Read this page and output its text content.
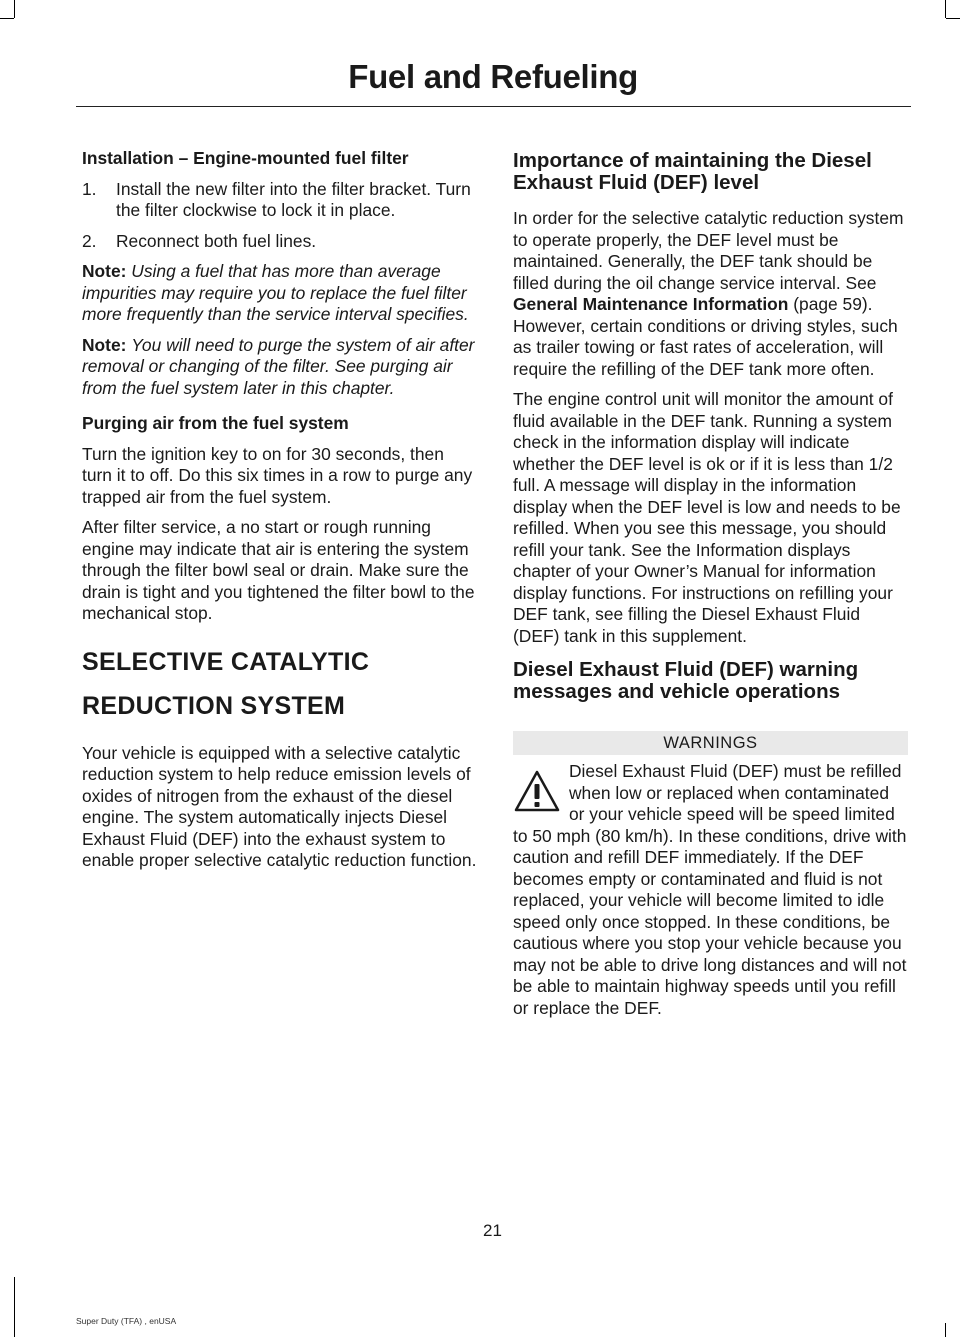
Fuel and Refueling
Installation – Engine-mounted fuel filter
1.	Install the new filter into the filter bracket. Turn the filter clockwise to lock it in place.
2.	Reconnect both fuel lines.

Note: Using a fuel that has more than average impurities may require you to replace the fuel filter more frequently than the service interval specifies.

Note: You will need to purge the system of air after removal or changing of the filter. See purging air from the fuel system later in this chapter.

Purging air from the fuel system

Turn the ignition key to on for 30 seconds, then turn it to off. Do this six times in a row to purge any trapped air from the fuel system.

After filter service, a no start or rough running engine may indicate that air is entering the system through the filter bowl seal or drain. Make sure the drain is tight and you tightened the filter bowl to the mechanical stop.

SELECTIVE CATALYTIC
REDUCTION SYSTEM

Your vehicle is equipped with a selective catalytic reduction system to help reduce emission levels of oxides of nitrogen from the exhaust of the diesel engine. The system automatically injects Diesel Exhaust Fluid (DEF) into the exhaust system to enable proper selective catalytic reduction function.

Importance of maintaining the Diesel Exhaust Fluid (DEF) level

In order for the selective catalytic reduction system to operate properly, the DEF level must be maintained. Generally, the DEF tank should be filled during the oil change service interval. See General Maintenance Information (page 59). However, certain conditions or driving styles, such as trailer towing or fast rates of acceleration, will require the refilling of the DEF tank more often.

The engine control unit will monitor the amount of fluid available in the DEF tank. Running a system check in the information display will indicate whether the DEF level is ok or if it is less than 1/2 full. A message will display in the information display when the DEF level is low and needs to be refilled. When you see this message, you should refill your tank. See the Information displays chapter of your Owner’s Manual for information display functions. For instructions on refilling your DEF tank, see filling the Diesel Exhaust Fluid (DEF) tank in this supplement.

Diesel Exhaust Fluid (DEF) warning messages and vehicle operations
WARNINGS
Diesel Exhaust Fluid (DEF) must be refilled when low or replaced when contaminated or your vehicle speed will be speed limited to 50 mph (80 km/h). In these conditions, drive with caution and refill DEF immediately. If the DEF becomes empty or contaminated and fluid is not replaced, your vehicle will become limited to idle speed only once stopped. In these conditions, be cautious where you stop your vehicle because you may not be able to drive long distances and will not be able to maintain highway speeds until you refill or replace the DEF.
21
Super Duty (TFA) , enUSA
